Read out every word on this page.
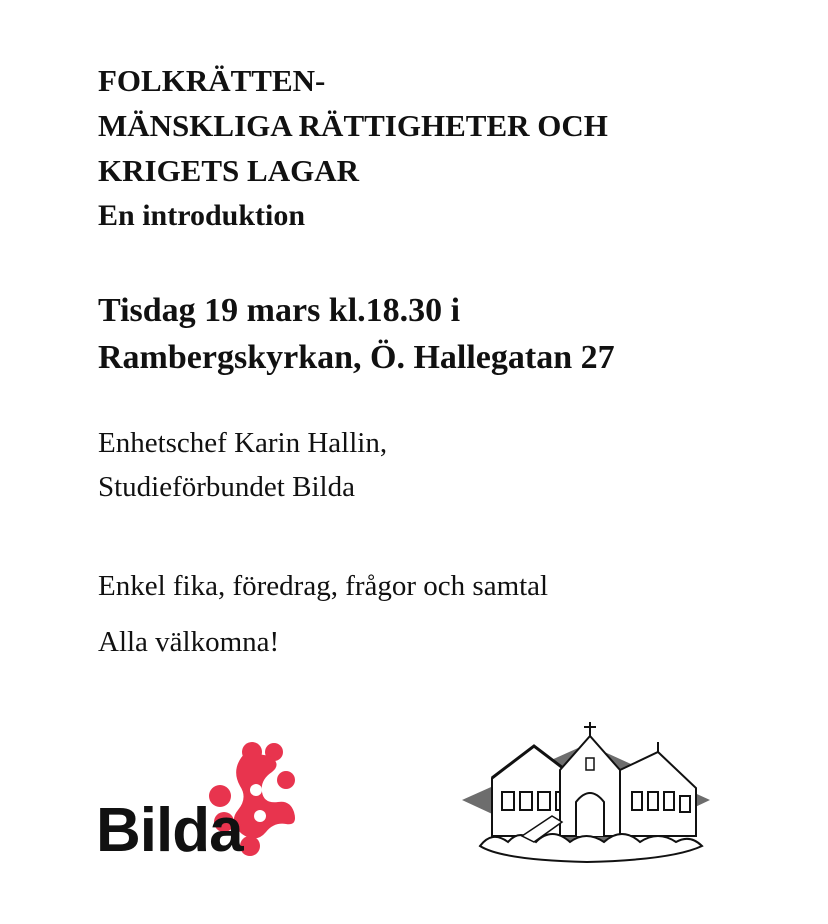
FOLKRÄTTEN-
MÄNSKLIGA RÄTTIGHETER OCH
KRIGETS LAGAR
En introduktion
Tisdag 19 mars kl.18.30 i
Rambergskyrkan, Ö. Hallegatan 27
Enhetschef Karin Hallin,
Studieförbundet Bilda
Enkel fika, föredrag, frågor och samtal
Alla välkomna!
Bilda
